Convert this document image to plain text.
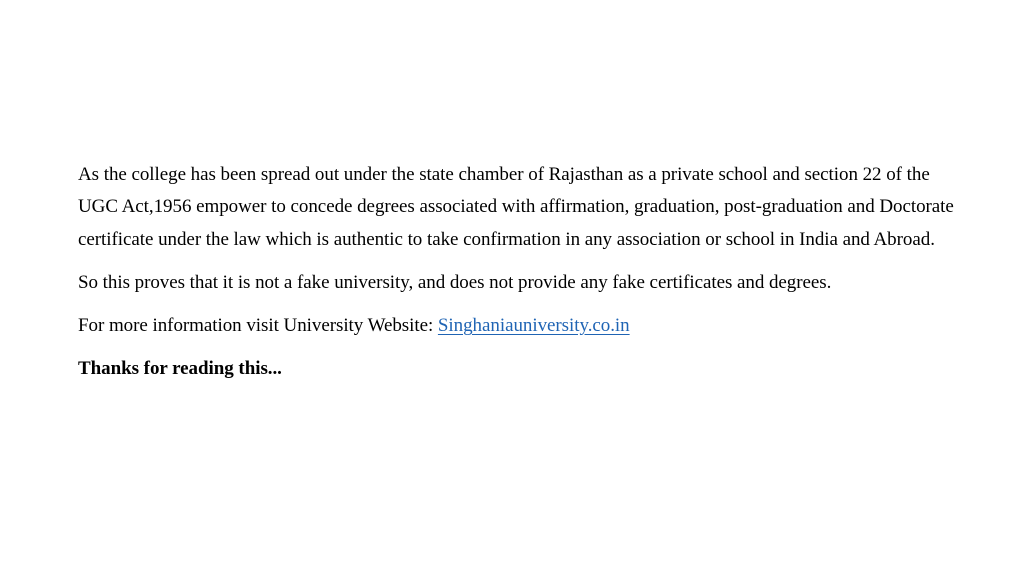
As the college has been spread out under the state chamber of Rajasthan as a private school and section 22 of the UGC Act,1956 empower to concede degrees associated with affirmation, graduation, post-graduation and Doctorate certificate under the law which is authentic to take confirmation in any association or school in India and Abroad.

So this proves that it is not a fake university, and does not provide any fake certificates and degrees.

For more information visit University Website: Singhaniauniversity.co.in

Thanks for reading this...
